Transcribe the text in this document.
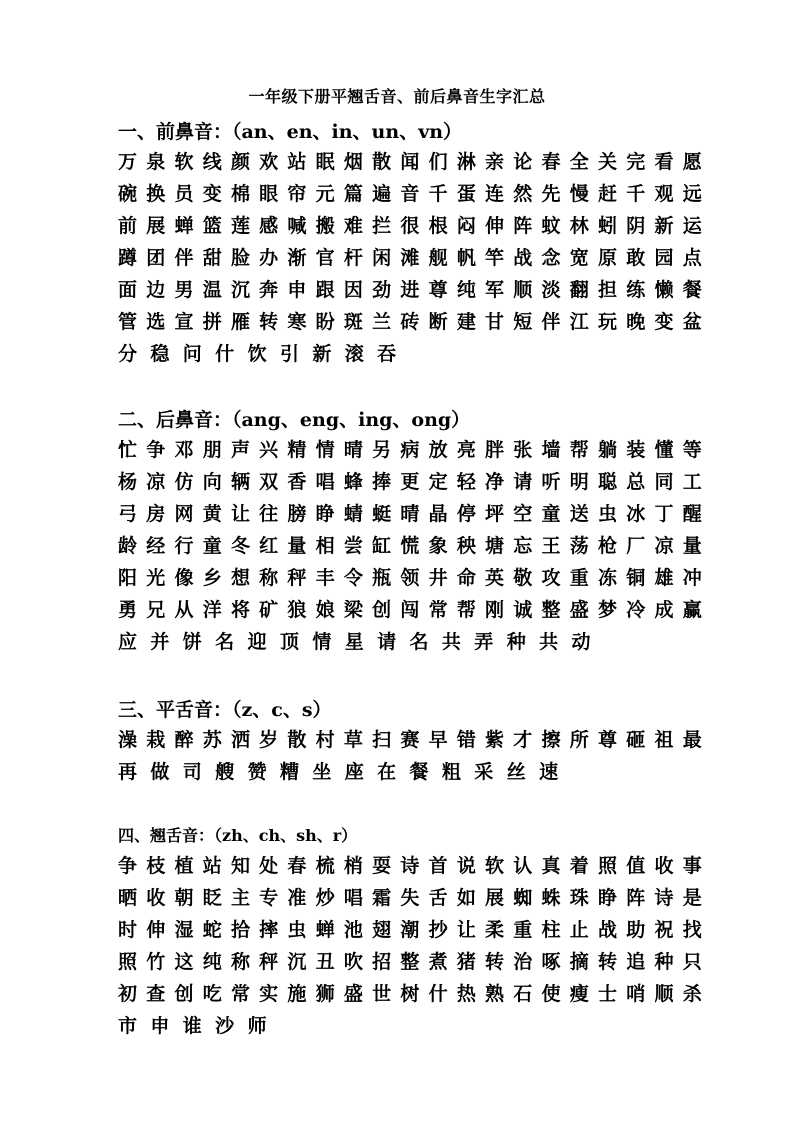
一年级下册平翘舌音、前后鼻音生字汇总
一、前鼻音：（an、en、in、un、vn）
万 泉 软 线 颜 欢 站 眠 烟 散 闻 们 淋 亲 论 春 全 关 完 看 愿
碗 换 员 变 棉 眼 帘 元 篇 遍 音 千 蛋 连 然 先 慢 赶 千 观 远
前 展 蝉 篮 莲 感 喊 搬 难 拦 很 根 闷 伸 阵 蚊 林 蚓 阴 新 运
蹲 团 伴 甜 脸 办 渐 官 杆 闲 滩 舰 帆 竿 战 念 宽 原 敢 园 点
面 边 男 温 沉 奔 申 跟 因 劲 进 尊 纯 军 顺 淡 翻 担 练 懒 餐
管 选 宣 拼 雁 转 寒 盼 斑 兰 砖 断 建 甘 短 伴 江 玩 晚 变 盆
分 稳 问 什 饮 引 新 滚 吞
二、后鼻音：（ang、eng、ing、ong）
忙 争 邓 朋 声 兴 精 情 晴 另 病 放 亮 胖 张 墙 帮 躺 装 懂 等
杨 凉 仿 向 辆 双 香 唱 蜂 捧 更 定 轻 净 请 听 明 聪 总 同 工
弓 房 网 黄 让 往 膀 睁 蜻 蜓 晴 晶 停 坪 空 童 送 虫 冰 丁 醒
龄 经 行 童 冬 红 量 相 尝 缸 慌 象 秧 塘 忘 王 荡 枪 厂 凉 量
阳 光 像 乡 想 称 秤 丰 令 瓶 领 井 命 英 敬 攻 重 冻 铜 雄 冲
勇 兄 从 洋 将 矿 狼 娘 梁 创 闯 常 帮 刚 诚 整 盛 梦 冷 成 赢
应 并 饼 名 迎 顶 情 星 请 名 共 弄 种 共 动
三、平舌音：（z、c、s）
澡 栽 醉 苏 洒 岁 散 村 草 扫 赛 早 错 紫 才 擦 所 尊 砸 祖 最
再 做 司 艘 赞 糟 坐 座 在 餐 粗 采 丝 速
四、翘舌音：（zh、ch、sh、r）
争 枝 植 站 知 处 春 梳 梢 耍 诗 首 说 软 认 真 着 照 值 收 事
晒 收 朝 眨 主 专 准 炒 唱 霜 失 舌 如 展 蜘 蛛 珠 睁 阵 诗 是
时 伸 湿 蛇 拾 摔 虫 蝉 池 翅 潮 抄 让 柔 重 柱 止 战 助 祝 找
照 竹 这 纯 称 秤 沉 丑 吹 招 整 煮 猪 转 治 啄 摘 转 追 种 只
初 查 创 吃 常 实 施 狮 盛 世 树 什 热 熟 石 使 瘦 士 哨 顺 杀
市 申 谁 沙 师
